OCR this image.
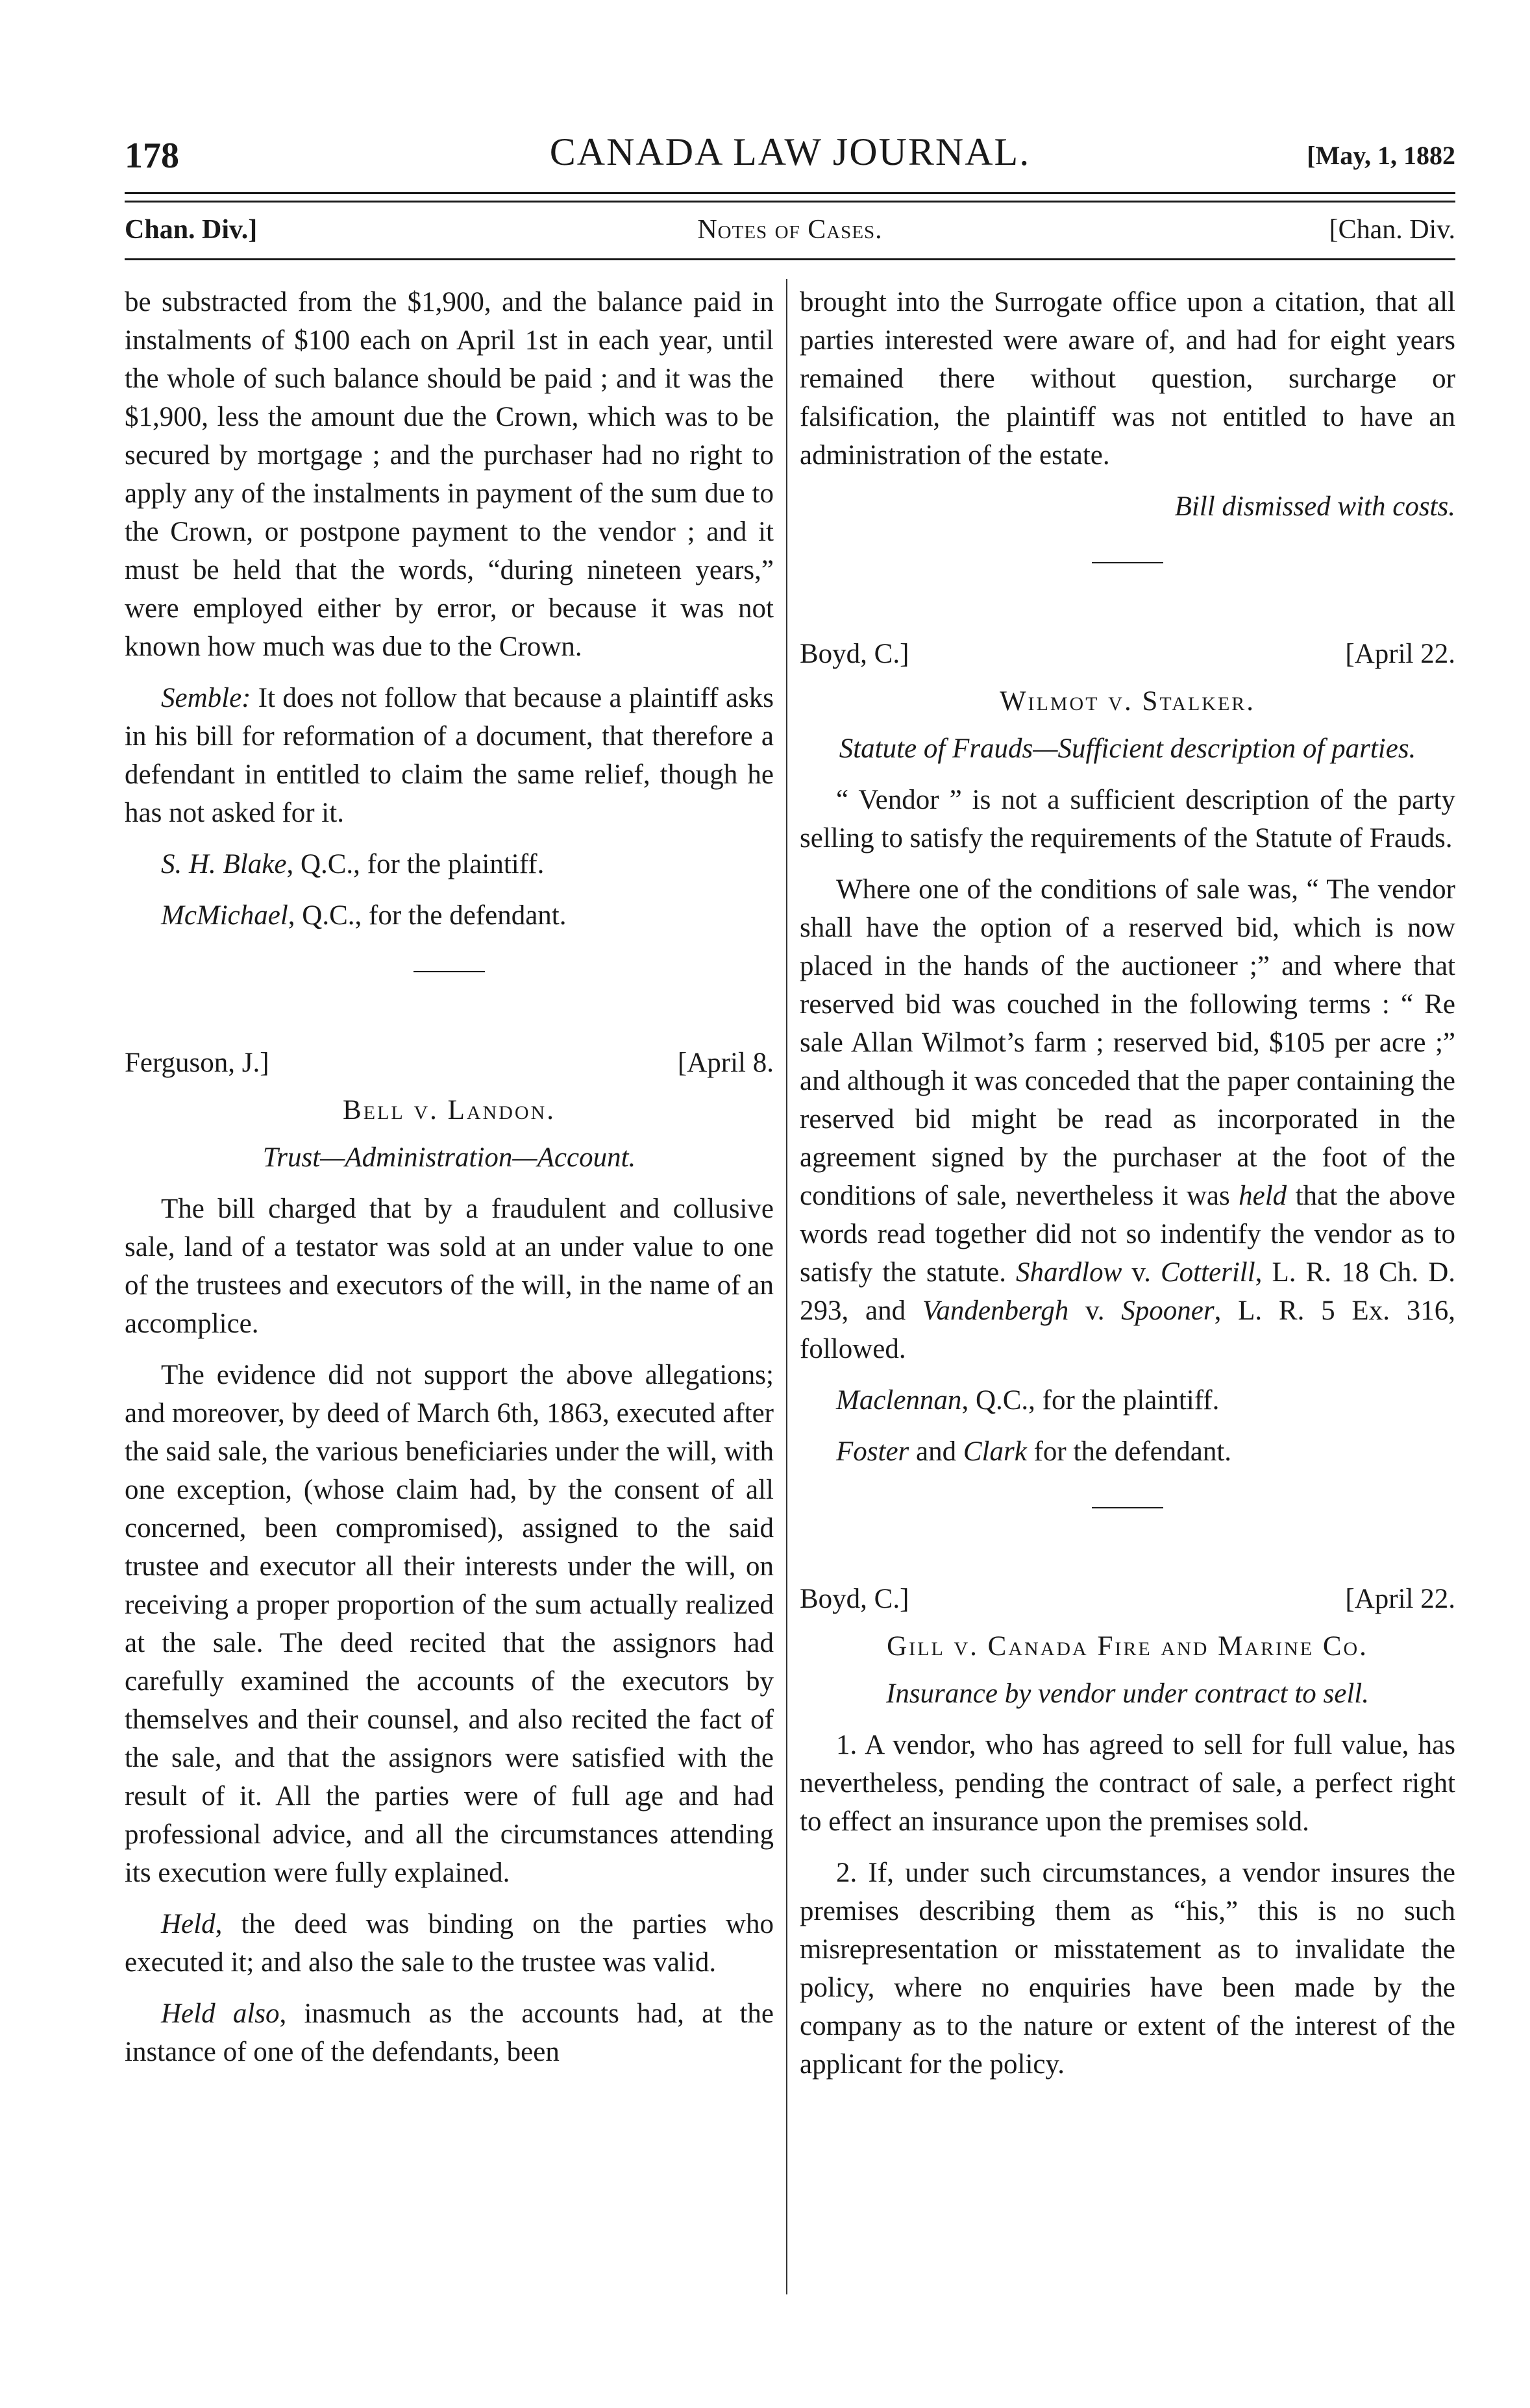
178	CANADA LAW JOURNAL.	[May, 1, 1882
Chan. Div.]	Notes of Cases.	[Chan. Div.

be substracted from the $1,900, and the balance paid in instalments of $100 each on April 1st in each year, until the whole of such balance should be paid ; and it was the $1,900, less the amount due the Crown, which was to be secured by mortgage ; and the purchaser had no right to apply any of the instalments in payment of the sum due to the Crown, or postpone payment to the vendor ; and it must be held that the words, “during nineteen years,” were employed either by error, or because it was not known how much was due to the Crown.

Semble: It does not follow that because a plaintiff asks in his bill for reformation of a document, that therefore a defendant in entitled to claim the same relief, though he has not asked for it.

S. H. Blake, Q.C., for the plaintiff.

McMichael, Q.C., for the defendant.

Ferguson, J.]	[April 8.

Bell v. Landon.

Trust—Administration—Account.

The bill charged that by a fraudulent and collusive sale, land of a testator was sold at an under value to one of the trustees and executors of the will, in the name of an accomplice.

The evidence did not support the above allegations; and moreover, by deed of March 6th, 1863, executed after the said sale, the various beneficiaries under the will, with one exception, (whose claim had, by the consent of all concerned, been compromised), assigned to the said trustee and executor all their interests under the will, on receiving a proper proportion of the sum actually realized at the sale. The deed recited that the assignors had carefully examined the accounts of the executors by themselves and their counsel, and also recited the fact of the sale, and that the assignors were satisfied with the result of it. All the parties were of full age and had professional advice, and all the circumstances attending its execution were fully explained.

Held, the deed was binding on the parties who executed it; and also the sale to the trustee was valid.

Held also, inasmuch as the accounts had, at the instance of one of the defendants, been

brought into the Surrogate office upon a citation, that all parties interested were aware of, and had for eight years remained there without question, surcharge or falsification, the plaintiff was not entitled to have an administration of the estate.

Bill dismissed with costs.

Boyd, C.]	[April 22.

Wilmot v. Stalker.

Statute of Frauds—Sufficient description of parties.

“ Vendor ” is not a sufficient description of the party selling to satisfy the requirements of the Statute of Frauds.

Where one of the conditions of sale was, “ The vendor shall have the option of a reserved bid, which is now placed in the hands of the auctioneer ;” and where that reserved bid was couched in the following terms : “ Re sale Allan Wilmot’s farm ; reserved bid, $105 per acre ;” and although it was conceded that the paper containing the reserved bid might be read as incorporated in the agreement signed by the purchaser at the foot of the conditions of sale, nevertheless it was held that the above words read together did not so indentify the vendor as to satisfy the statute. Shardlow v. Cotterill, L. R. 18 Ch. D. 293, and Vandenbergh v. Spooner, L. R. 5 Ex. 316, followed.

Maclennan, Q.C., for the plaintiff.

Foster and Clark for the defendant.

Boyd, C.]	[April 22.

Gill v. Canada Fire and Marine Co.

Insurance by vendor under contract to sell.

1. A vendor, who has agreed to sell for full value, has nevertheless, pending the contract of sale, a perfect right to effect an insurance upon the premises sold.

2. If, under such circumstances, a vendor insures the premises describing them as “his,” this is no such misrepresentation or misstatement as to invalidate the policy, where no enquiries have been made by the company as to the nature or extent of the interest of the applicant for the policy.
